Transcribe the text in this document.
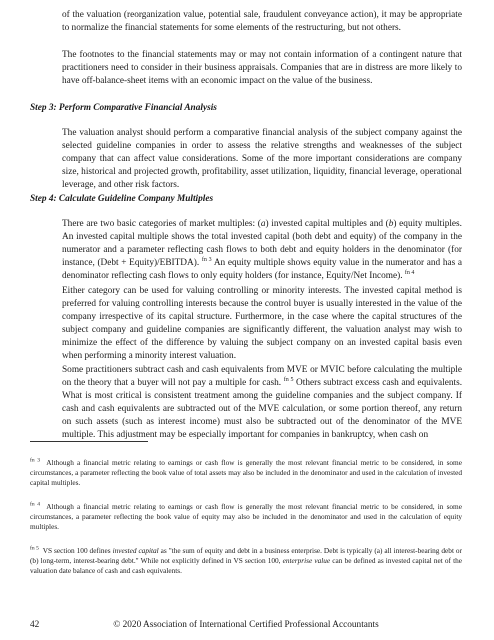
of the valuation (reorganization value, potential sale, fraudulent conveyance action), it may be appropriate to normalize the financial statements for some elements of the restructuring, but not others.

The footnotes to the financial statements may or may not contain information of a contingent nature that practitioners need to consider in their business appraisals. Companies that are in distress are more likely to have off-balance-sheet items with an economic impact on the value of the business.

Step 3: Perform Comparative Financial Analysis

The valuation analyst should perform a comparative financial analysis of the subject company against the selected guideline companies in order to assess the relative strengths and weaknesses of the subject company that can affect value considerations. Some of the more important considerations are company size, historical and projected growth, profitability, asset utilization, liquidity, financial leverage, operational leverage, and other risk factors.

Step 4: Calculate Guideline Company Multiples

There are two basic categories of market multiples: (a) invested capital multiples and (b) equity multiples. An invested capital multiple shows the total invested capital (both debt and equity) of the company in the numerator and a parameter reflecting cash flows to both debt and equity holders in the denominator (for instance, (Debt + Equity)/EBITDA). $^{fn 3}$ An equity multiple shows equity value in the numerator and has a denominator reflecting cash flows to only equity holders (for instance, Equity/Net Income). $^{fn 4}$

Either category can be used for valuing controlling or minority interests. The invested capital method is preferred for valuing controlling interests because the control buyer is usually interested in the value of the company irrespective of its capital structure. Furthermore, in the case where the capital structures of the subject company and guideline companies are significantly different, the valuation analyst may wish to minimize the effect of the difference by valuing the subject company on an invested capital basis even when performing a minority interest valuation.

Some practitioners subtract cash and cash equivalents from MVE or MVIC before calculating the multiple on the theory that a buyer will not pay a multiple for cash. $^{fn 5}$ Others subtract excess cash and equivalents. What is most critical is consistent treatment among the guideline companies and the subject company. If cash and cash equivalents are subtracted out of the MVE calculation, or some portion thereof, any return on such assets (such as interest income) must also be subtracted out of the denominator of the MVE multiple. This adjustment may be especially important for companies in bankruptcy, when cash on

$^{fn 3}$ Although a financial metric relating to earnings or cash flow is generally the most relevant financial metric to be considered, in some circumstances, a parameter reflecting the book value of total assets may also be included in the denominator and used in the calculation of invested capital multiples.

$^{fn 4}$ Although a financial metric relating to earnings or cash flow is generally the most relevant financial metric to be considered, in some circumstances, a parameter reflecting the book value of equity may also be included in the denominator and used in the calculation of equity multiples.

$^{fn 5}$ VS section 100 defines invested capital as "the sum of equity and debt in a business enterprise. Debt is typically (a) all interest-bearing debt or (b) long-term, interest-bearing debt." While not explicitly defined in VS section 100, enterprise value can be defined as invested capital net of the valuation date balance of cash and cash equivalents.

42	© 2020 Association of International Certified Professional Accountants
